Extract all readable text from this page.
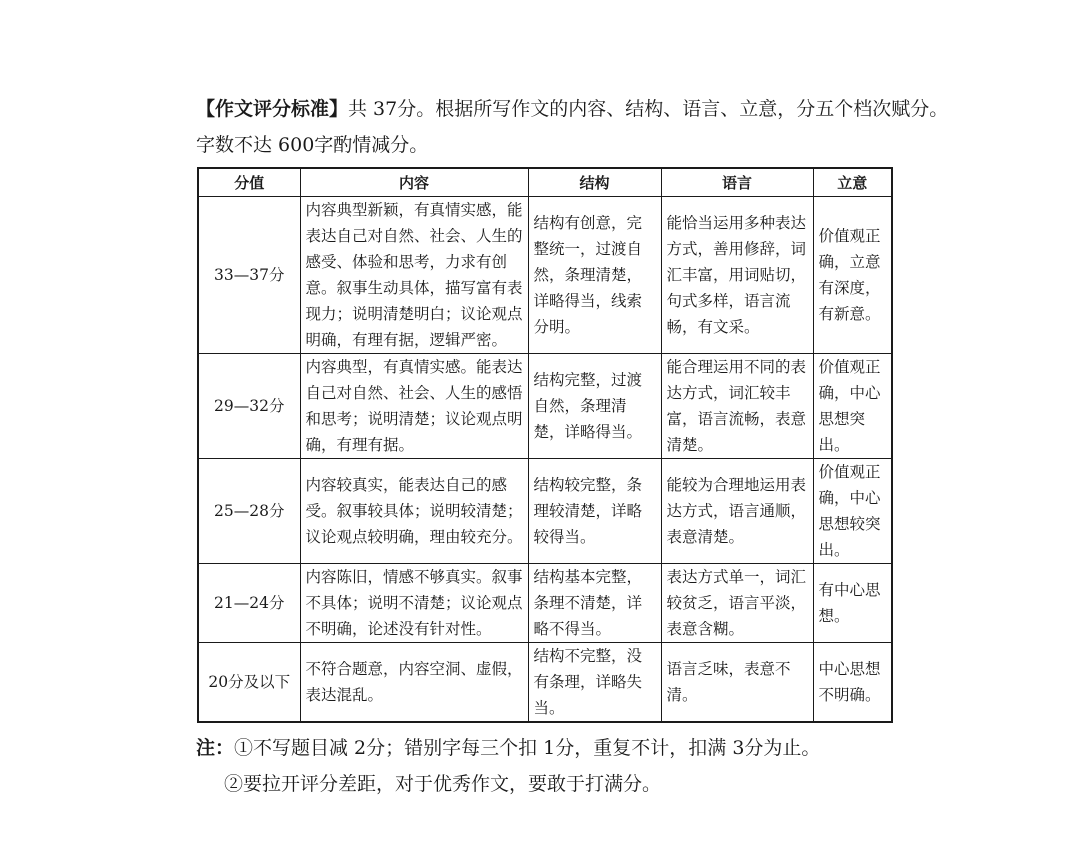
【作文评分标准】共 37分。根据所写作文的内容、结构、语言、立意，分五个档次赋分。
字数不达 600字酌情减分。
分值	内容	结构	语言	立意
33—37分	内容典型新颖，有真情实感，能表达自己对自然、社会、人生的感受、体验和思考，力求有创意。叙事生动具体，描写富有表现力；说明清楚明白；议论观点明确，有理有据，逻辑严密。	结构有创意，完整统一，过渡自然，条理清楚，详略得当，线索分明。	能恰当运用多种表达方式，善用修辞，词汇丰富，用词贴切，句式多样，语言流畅，有文采。	价值观正确，立意有深度，有新意。

29—32分	内容典型，有真情实感。能表达自己对自然、社会、人生的感悟和思考；说明清楚；议论观点明确，有理有据。	结构完整，过渡自然，条理清楚，详略得当。	能合理运用不同的表达方式，词汇较丰富，语言流畅，表意清楚。	价值观正确，中心思想突出。

25—28分	内容较真实，能表达自己的感受。叙事较具体；说明较清楚；议论观点较明确，理由较充分。	结构较完整，条理较清楚，详略较得当。	能较为合理地运用表达方式，语言通顺，表意清楚。	价值观正确，中心思想较突出。

21—24分	内容陈旧，情感不够真实。叙事不具体；说明不清楚；议论观点不明确，论述没有针对性。	结构基本完整，条理不清楚，详略不得当。	表达方式单一，词汇较贫乏，语言平淡，表意含糊。	有中心思想。

20分及以下	不符合题意，内容空洞、虚假，表达混乱。	结构不完整，没有条理，详略失当。	语言乏味，表意不清。	中心思想不明确。
注：①不写题目减 2分；错别字每三个扣 1分，重复不计，扣满 3分为止。
②要拉开评分差距，对于优秀作文，要敢于打满分。
